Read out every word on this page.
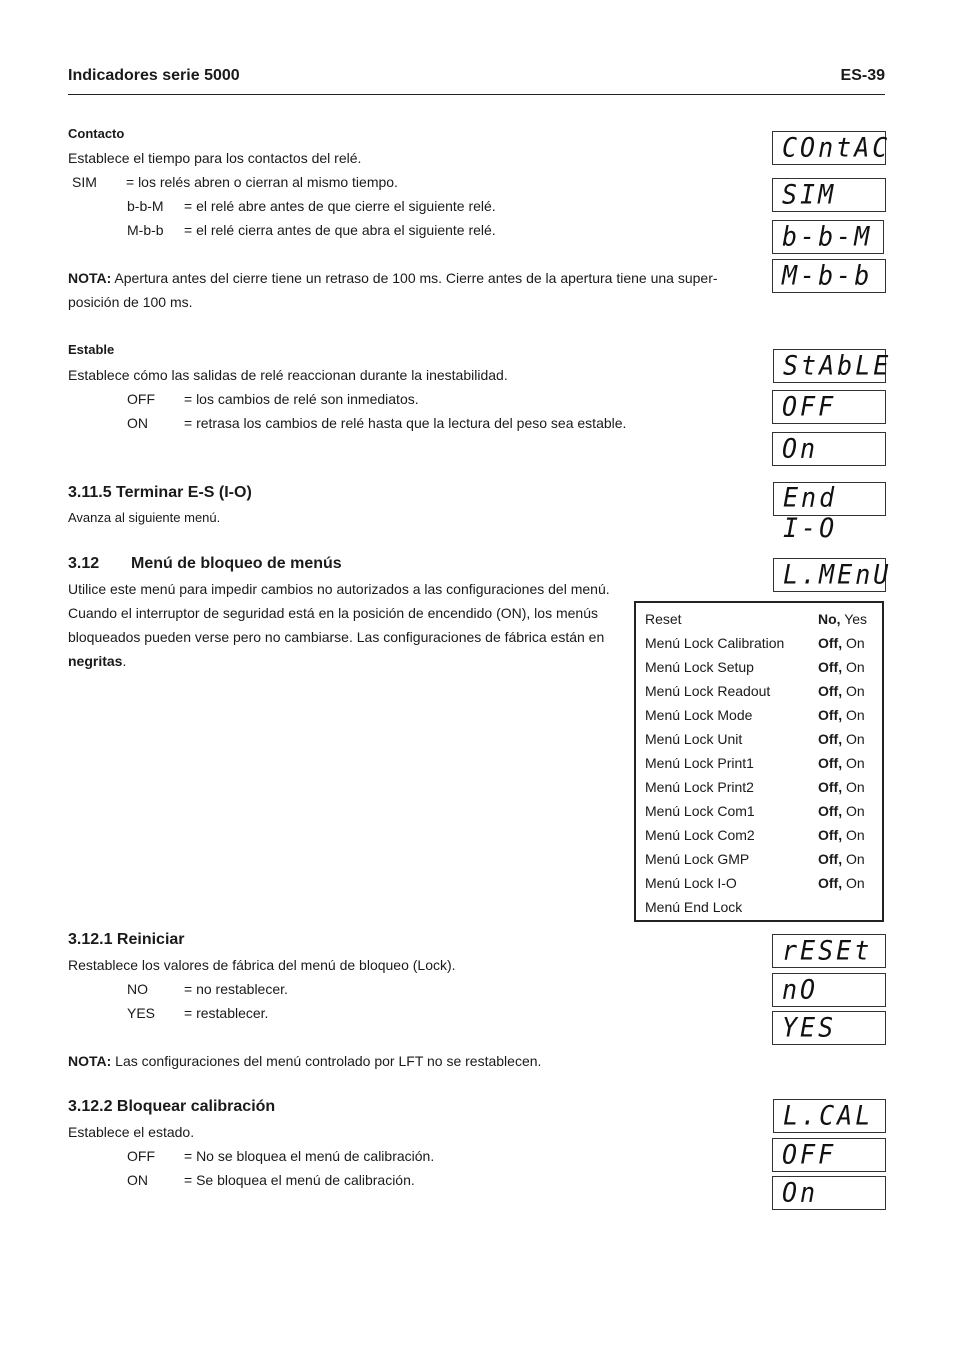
Indicadores serie 5000	ES-39
Contacto
Establece el tiempo para los contactos del relé.
SIM = los relés abren o cierran al mismo tiempo.
b-b-M = el relé abre antes de que cierre el siguiente relé.
M-b-b = el relé cierra antes de que abra el siguiente relé.
NOTA: Apertura antes del cierre tiene un retraso de 100 ms. Cierre antes de la apertura tiene una super-
posición de 100 ms.
Estable
Establece cómo las salidas de relé reaccionan durante la inestabilidad.
OFF = los cambios de relé son inmediatos.
ON	= retrasa los cambios de relé hasta que la lectura del peso sea estable.
3.11.5 Terminar E-S (I-O)
Avanza al siguiente menú.
3.12 Menú de bloqueo de menús
Utilice este menú para impedir cambios no autorizados a las configuraciones del menú.
Cuando el interruptor de seguridad está en la posición de encendido (ON), los menús
bloqueados pueden verse pero no cambiarse. Las configuraciones de fábrica están en
negritas.
Reset	No, Yes
Menú Lock Calibration Off, On
Menú Lock Setup	Off, On
Menú Lock Readout	Off, On
Menú Lock Mode	Off, On
Menú Lock Unit	Off, On
Menú Lock Print1	Off, On
Menú Lock Print2	Off, On
Menú Lock Com1	Off, On
Menú Lock Com2	Off, On
Menú Lock GMP	Off, On
Menú Lock I-O	Off, On
Menú End Lock
3.12.1 Reiniciar
Restablece los valores de fábrica del menú de bloqueo (Lock).
NO	= no restablecer.
YES = restablecer.
NOTA: Las configuraciones del menú controlado por LFT no se restablecen.
3.12.2 Bloquear calibración
Establece el estado.
OFF = No se bloquea el menú de calibración.
ON	= Se bloquea el menú de calibración.
COntAC
SIM
b-b-M
M-b-b
StAbLE
OFF
On
End I-O
L.MEnU
rESEt
nO
YES
L.CAL
OFF
On
